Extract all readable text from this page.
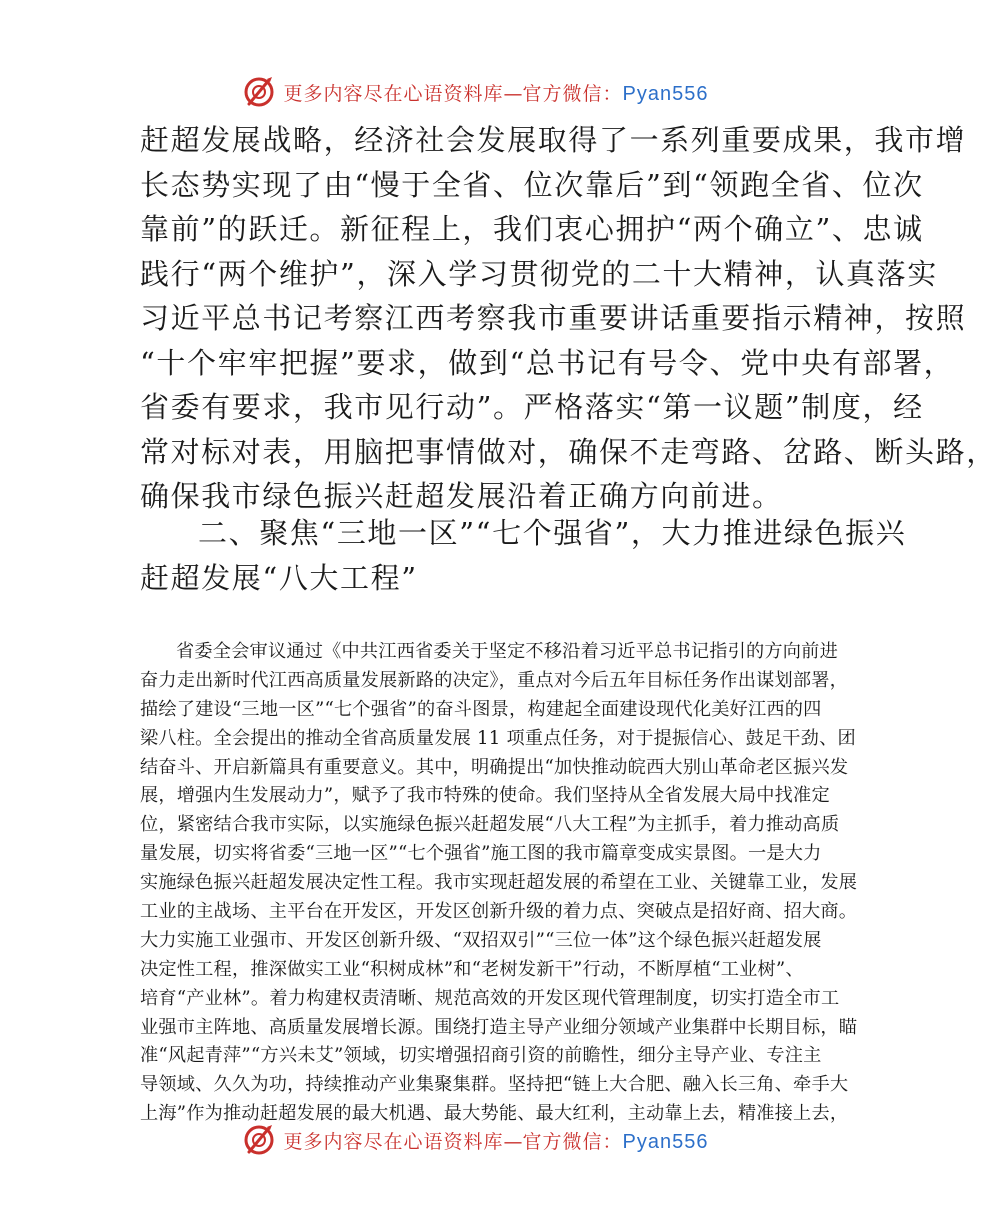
更多内容尽在心语资料库—官方微信：Pyan556

赶超发展战略，经济社会发展取得了一系列重要成果，我市增

长态势实现了由“慢于全省、位次靠后”到“领跑全省、位次

靠前”的跃迁。新征程上，我们衷心拥护“两个确立”、忠诚

践行“两个维护”，深入学习贯彻党的二十大精神，认真落实

习近平总书记考察江西考察我市重要讲话重要指示精神，按照

“十个牢牢把握”要求，做到“总书记有号令、党中央有部署，

省委有要求，我市见行动”。严格落实“第一议题”制度，经

常对标对表，用脑把事情做对，确保不走弯路、岔路、断头路，

确保我市绿色振兴赶超发展沿着正确方向前进。

二、聚焦“三地一区”“七个强省”，大力推进绿色振兴

赶超发展“八大工程”

省委全会审议通过《中共江西省委关于坚定不移沿着习近平总书记指引的方向前进

奋力走出新时代江西高质量发展新路的决定》，重点对今后五年目标任务作出谋划部署，

描绘了建设“三地一区”“七个强省”的奋斗图景，构建起全面建设现代化美好江西的四

梁八柱。全会提出的推动全省高质量发展 11 项重点任务，对于提振信心、鼓足干劲、团

结奋斗、开启新篇具有重要意义。其中，明确提出“加快推动皖西大别山革命老区振兴发

展，增强内生发展动力”，赋予了我市特殊的使命。我们坚持从全省发展大局中找准定

位，紧密结合我市实际，以实施绿色振兴赶超发展“八大工程”为主抓手，着力推动高质

量发展，切实将省委“三地一区”“七个强省”施工图的我市篇章变成实景图。一是大力

实施绿色振兴赶超发展决定性工程。我市实现赶超发展的希望在工业、关键靠工业，发展

工业的主战场、主平台在开发区，开发区创新升级的着力点、突破点是招好商、招大商。

大力实施工业强市、开发区创新升级、“双招双引”“三位一体”这个绿色振兴赶超发展

决定性工程，推深做实工业“积树成林”和“老树发新干”行动，不断厚植“工业树”、

培育“产业林”。着力构建权责清晰、规范高效的开发区现代管理制度，切实打造全市工

业强市主阵地、高质量发展增长源。围绕打造主导产业细分领域产业集群中长期目标，瞄

准“风起青萍”“方兴未艾”领域，切实增强招商引资的前瞻性，细分主导产业、专注主

导领域、久久为功，持续推动产业集聚集群。坚持把“链上大合肥、融入长三角、牵手大

上海”作为推动赶超发展的最大机遇、最大势能、最大红利，主动靠上去，精准接上去，

更多内容尽在心语资料库—官方微信：Pyan556
